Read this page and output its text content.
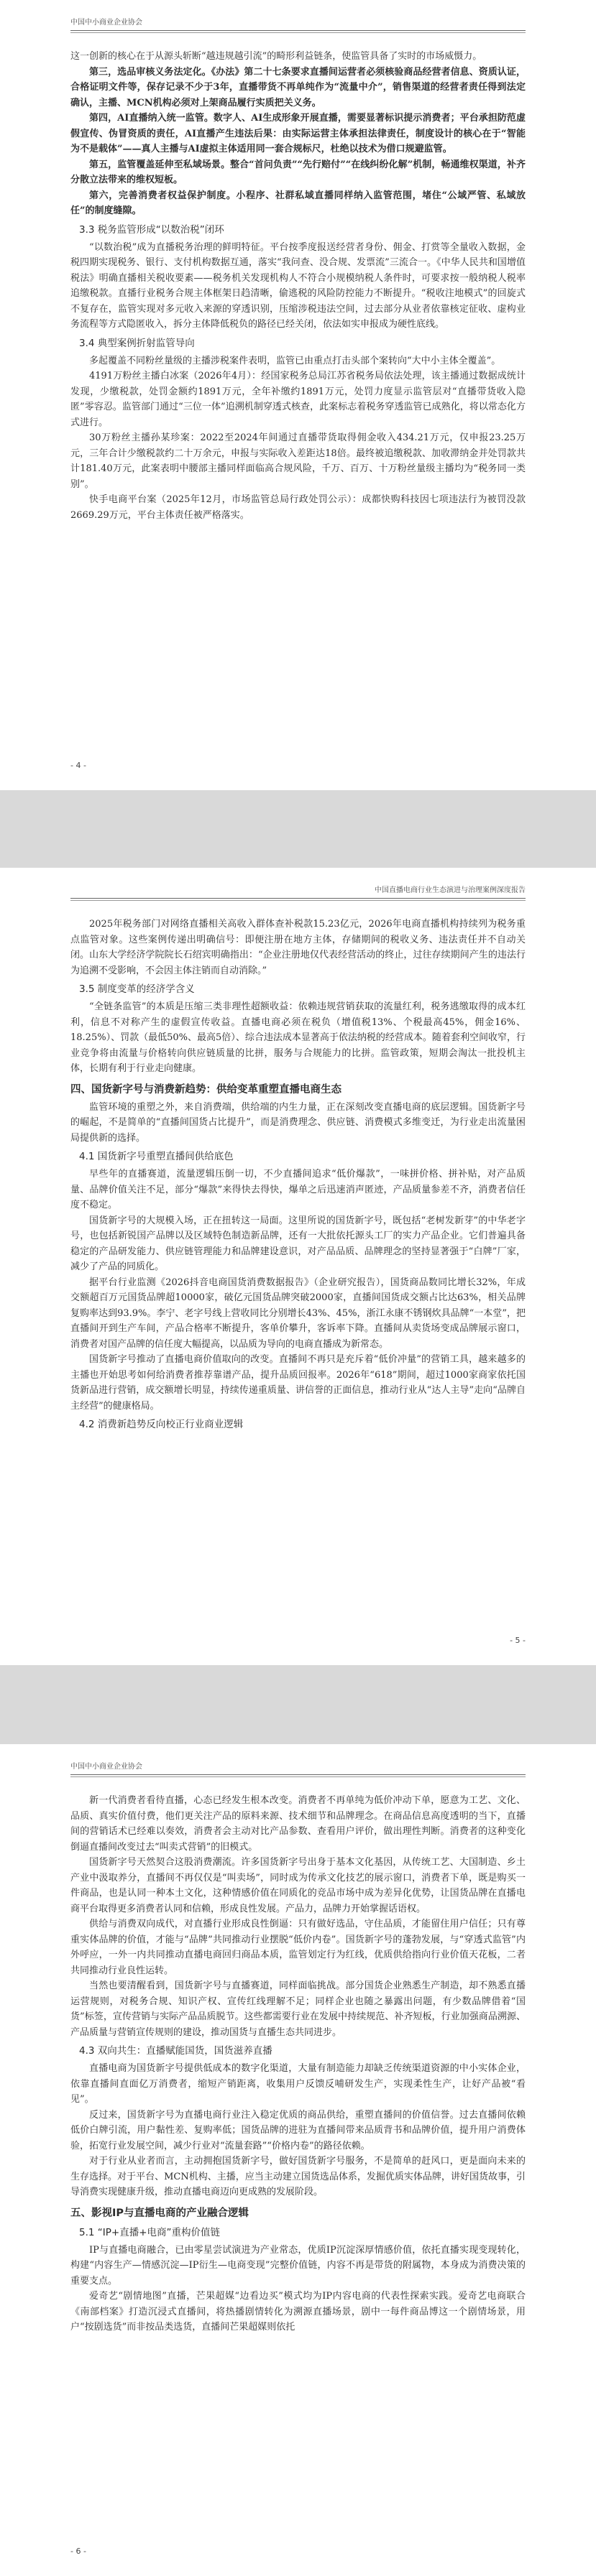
中国中小商业企业协会

这一创新的核心在于从源头斩断“越违规越引流”的畸形利益链条，使监管具备了实时的市场威慑力。

第三，选品审核义务法定化。《办法》第二十七条要求直播间运营者必须核验商品经营者信息、资质认证，合格证明文件等，保存记录不少于3年，直播带货不再单纯作为“流量中介”，销售渠道的经营者责任得到法定确认，主播、MCN机构必须对上架商品履行实质把关义务。

第四，AI直播纳入统一监管。数字人、AI生成形象开展直播，需要显著标识提示消费者；平台承担防范虚假宣传、伪冒资质的责任，AI直播产生违法后果：由实际运营主体承担法律责任，制度设计的核心在于“智能为不是载体”——真人主播与AI虚拟主体适用同一套合规标尺，杜绝以技术为借口规避监管。

第五，监管覆盖延伸至私域场景。整合“首问负责”“先行赔付”“在线纠纷化解”机制，畅通维权渠道，补齐分散立法带来的维权短板。

第六，完善消费者权益保护制度。小程序、社群私域直播同样纳入监管范围，堵住“公域严管、私域放任”的制度缝隙。

3.3 税务监管形成“以数治税”闭环

“以数治税”成为直播税务治理的鲜明特征。平台按季度报送经营者身份、佣金、打赏等全量收入数据，金税四期实现税务、银行、支付机构数据互通，落实“我问查、没合规、发票流”三流合一。《中华人民共和国增值税法》明确直播相关税收要素——税务机关发现机构人不符合小规模纳税人条件时，可要求按一般纳税人税率追缴税款。直播行业税务合规主体框架日趋清晰，偷逃税的风险防控能力不断提升。“税收注地模式”的回旋式不复存在，监管实现对多元收入来源的穿透识别，压缩涉税违法空间，过去部分从业者依靠核定征收、虚构业务流程等方式隐匿收入，拆分主体降低税负的路径已经关闭，依法如实申报成为硬性底线。

3.4 典型案例折射监管导向

多起覆盖不同粉丝量级的主播涉税案件表明，监管已由重点打击头部个案转向“大中小主体全覆盖”。

4191万粉丝主播白冰案（2026年4月）：经国家税务总局江苏省税务局依法处理，该主播通过数据成统计发现，少缴税款，处罚金额约1891万元，全年补缴约1891万元，处罚力度显示监管层对“直播带货收入隐匿”零容忍。监管部门通过“三位一体”追溯机制穿透式核查，此案标志着税务穿透监管已成熟化，将以常态化方式进行。

30万粉丝主播孙某珍案：2022至2024年间通过直播带货取得佣金收入434.21万元，仅申报23.25万元，三年合计少缴税款约二十万余元，申报与实际收入差距达18倍。最终被追缴税款、加收滞纳金并处罚款共计181.40万元，此案表明中腰部主播同样面临高合规风险，千万、百万、十万粉丝量级主播均为“税务同一类别”。

快手电商平台案（2025年12月，市场监管总局行政处罚公示）：成都快购科技因七项违法行为被罚没款2669.29万元，平台主体责任被严格落实。

- 4 -
中国直播电商行业生态演进与治理案例深度报告

2025年税务部门对网络直播相关高收入群体查补税款15.23亿元，2026年电商直播机构持续列为税务重点监管对象。这些案例传递出明确信号：即便注册在地方主体，存储期间的税收义务、违法责任并不自动关闭。山东大学经济学院院长石绍宾明确指出：“企业注册地仅代表经营活动的终止，过往存续期间产生的违法行为追溯不受影响，不会因主体注销而自动消除。”

3.5 制度变革的经济学含义

“全链条监管”的本质是压缩三类非理性超额收益：依赖违规营销获取的流量红利，税务逃缴取得的成本红利，信息不对称产生的虚假宣传收益。直播电商必须在税负（增值税13%、个税最高45%，佣金16%、18.25%）、罚款（最低50%、最高5倍）、综合违法成本显著高于依法纳税的经营成本。随着套利空间收窄，行业竞争将由流量与价格转向供应链质量的比拼，服务与合规能力的比拼。监管政策，短期会淘汰一批投机主体，长期有利于行业走向健康。

四、国货新字号与消费新趋势：供给变革重塑直播电商生态

监管环境的重塑之外，来自消费端，供给端的内生力量，正在深刻改变直播电商的底层逻辑。国货新字号的崛起，不是简单的“直播间国货占比提升”，而是消费理念、供应链、消费模式多维变迁，为行业走出流量困局提供新的选择。

4.1 国货新字号重塑直播间供给底色

早些年的直播赛道，流量逻辑压倒一切，不少直播间追求“低价爆款”，一味拼价格、拼补贴，对产品质量、品牌价值关注不足，部分“爆款”来得快去得快，爆单之后迅速消声匿迹，产品质量参差不齐，消费者信任度不稳定。

国货新字号的大规模入场，正在扭转这一局面。这里所说的国货新字号，既包括“老树发新芽”的中华老字号，也包括新锐国产品牌以及区域特色制造新品牌，还有一大批依托源头工厂的实力产品企业。它们普遍具备稳定的产品研发能力、供应链管理能力和品牌建设意识，对产品品质、品牌理念的坚持显著强于“白牌”厂家，减少了产品的同质化。

据平台行业监测《2026抖音电商国货消费数据报告》（企业研究报告），国货商品数同比增长32%，年成交额超百万元国货品牌超10000家，破亿元国货品牌突破2000家，直播间国货成交额占比达63%，相关品牌复购率达到93.9%。李宁、老字号线上营收同比分别增长43%、45%，浙江永康不锈钢炊具品牌“一本堂”，把直播间开到生产车间，产品合格率不断提升，客单价攀升，客诉率下降。直播间从卖货场变成品牌展示窗口，消费者对国产品牌的信任度大幅提高，以品质为导向的电商直播成为新常态。

国货新字号推动了直播电商价值取向的改变。直播间不再只是充斥着“低价冲量”的营销工具，越来越多的主播也开始思考如何给消费者推荐靠谱产品，提升品质回报率。2026年“618”期间，超过1000家商家依托国货新品进行营销，成交额增长明显，持续传递重质量、讲信誉的正面信息，推动行业从“达人主导”走向“品牌自主经营”的健康格局。

4.2 消费新趋势反向校正行业商业逻辑
- 5 -
中国中小商业企业协会

新一代消费者看待直播，心态已经发生根本改变。消费者不再单纯为低价冲动下单，愿意为工艺、文化、品质、真实价值付费，他们更关注产品的原料来源、技术细节和品牌理念。在商品信息高度透明的当下，直播间的营销话术已经难以奏效，消费者会主动对比产品参数、查看用户评价，做出理性判断。消费者的这种变化倒逼直播间改变过去“叫卖式营销”的旧模式。

国货新字号天然契合这股消费潮流。许多国货新字号出身于基本文化基因，从传统工艺、大国制造、乡土产业中汲取养分，直播间不再仅仅是“叫卖场”，同时成为传承文化技艺的展示窗口，消费者下单，既是购买一件商品，也是认同一种本土文化，这种情感价值在同质化的竞品市场中成为差异化优势，让国货品牌在直播电商平台取得更多消费者认同和信赖，形成良性发展。产品力，品牌力开始掌握话语权。

供给与消费双向成代，对直播行业形成良性倒逼：只有做好选品，守住品质，才能留住用户信任；只有尊重实体品牌的价值，才能与“品牌”共同推动行业摆脱“低价内卷”。国货新字号的蓬勃发展，与“穿透式监管”内外呼应，一外一内共同推动直播电商回归商品本质，监管划定行为红线，优质供给指向行业价值天花板，二者共同推动行业良性运转。

当然也要清醒看到，国货新字号与直播赛道，同样面临挑战。部分国货企业熟悉生产制造，却不熟悉直播运营规则，对税务合规、知识产权、宣传红线理解不足；同样企业也随之暴露出问题，有少数品牌借着“国货”标签，宣传营销与实际产品品质脱节。这些都需要行业在发展中持续规范、补齐短板，行业加强商品溯源、产品质量与营销宣传规则的建设，推动国货与直播生态共同进步。

4.3 双向共生：直播赋能国货，国货滋养直播

直播电商为国货新字号提供低成本的数字化渠道，大量有制造能力却缺乏传统渠道资源的中小实体企业，依靠直播间直面亿万消费者，缩短产销距离，收集用户反馈反哺研发生产，实现柔性生产，让好产品被“看见”。

反过来，国货新字号为直播电商行业注入稳定优质的商品供给，重塑直播间的价值信誉。过去直播间依赖低价白牌引流，用户黏性差、复购率低；国货品牌的进驻为直播间带来品质背书和品牌价值，提升用户消费体验，拓宽行业发展空间，减少行业对“流量套路”“价格内卷”的路径依赖。

对于行业从业者而言，主动拥抱国货新字号，做好国货新字号服务，不是简单的赶风口，更是面向未来的生存选择。对于平台、MCN机构、主播，应当主动建立国货选品体系，发掘优质实体品牌，讲好国货故事，引导消费实现健康升级，推动直播电商迈向更成熟的发展阶段。

五、影视IP与直播电商的产业融合逻辑
5.1 “IP+直播+电商”重构价值链

IP与直播电商融合，已由零星尝试演进为产业常态，优质IP沉淀深厚情感价值，依托直播实现变现转化，构建“内容生产—情感沉淀—IP衍生—电商变现”完整价值链，内容不再是带货的附属物，本身成为消费决策的重要支点。

爱奇艺“剧情地图”直播，芒果超媒“边看边买”模式均为IP内容电商的代表性探索实践。爱奇艺电商联合《南部档案》打造沉浸式直播间，将热播剧情转化为溯源直播场景，剧中一每件商品博这一个剧情场景，用户“按剧选货”而非按品类选货，直播间芒果超媒则依托

- 6 -
